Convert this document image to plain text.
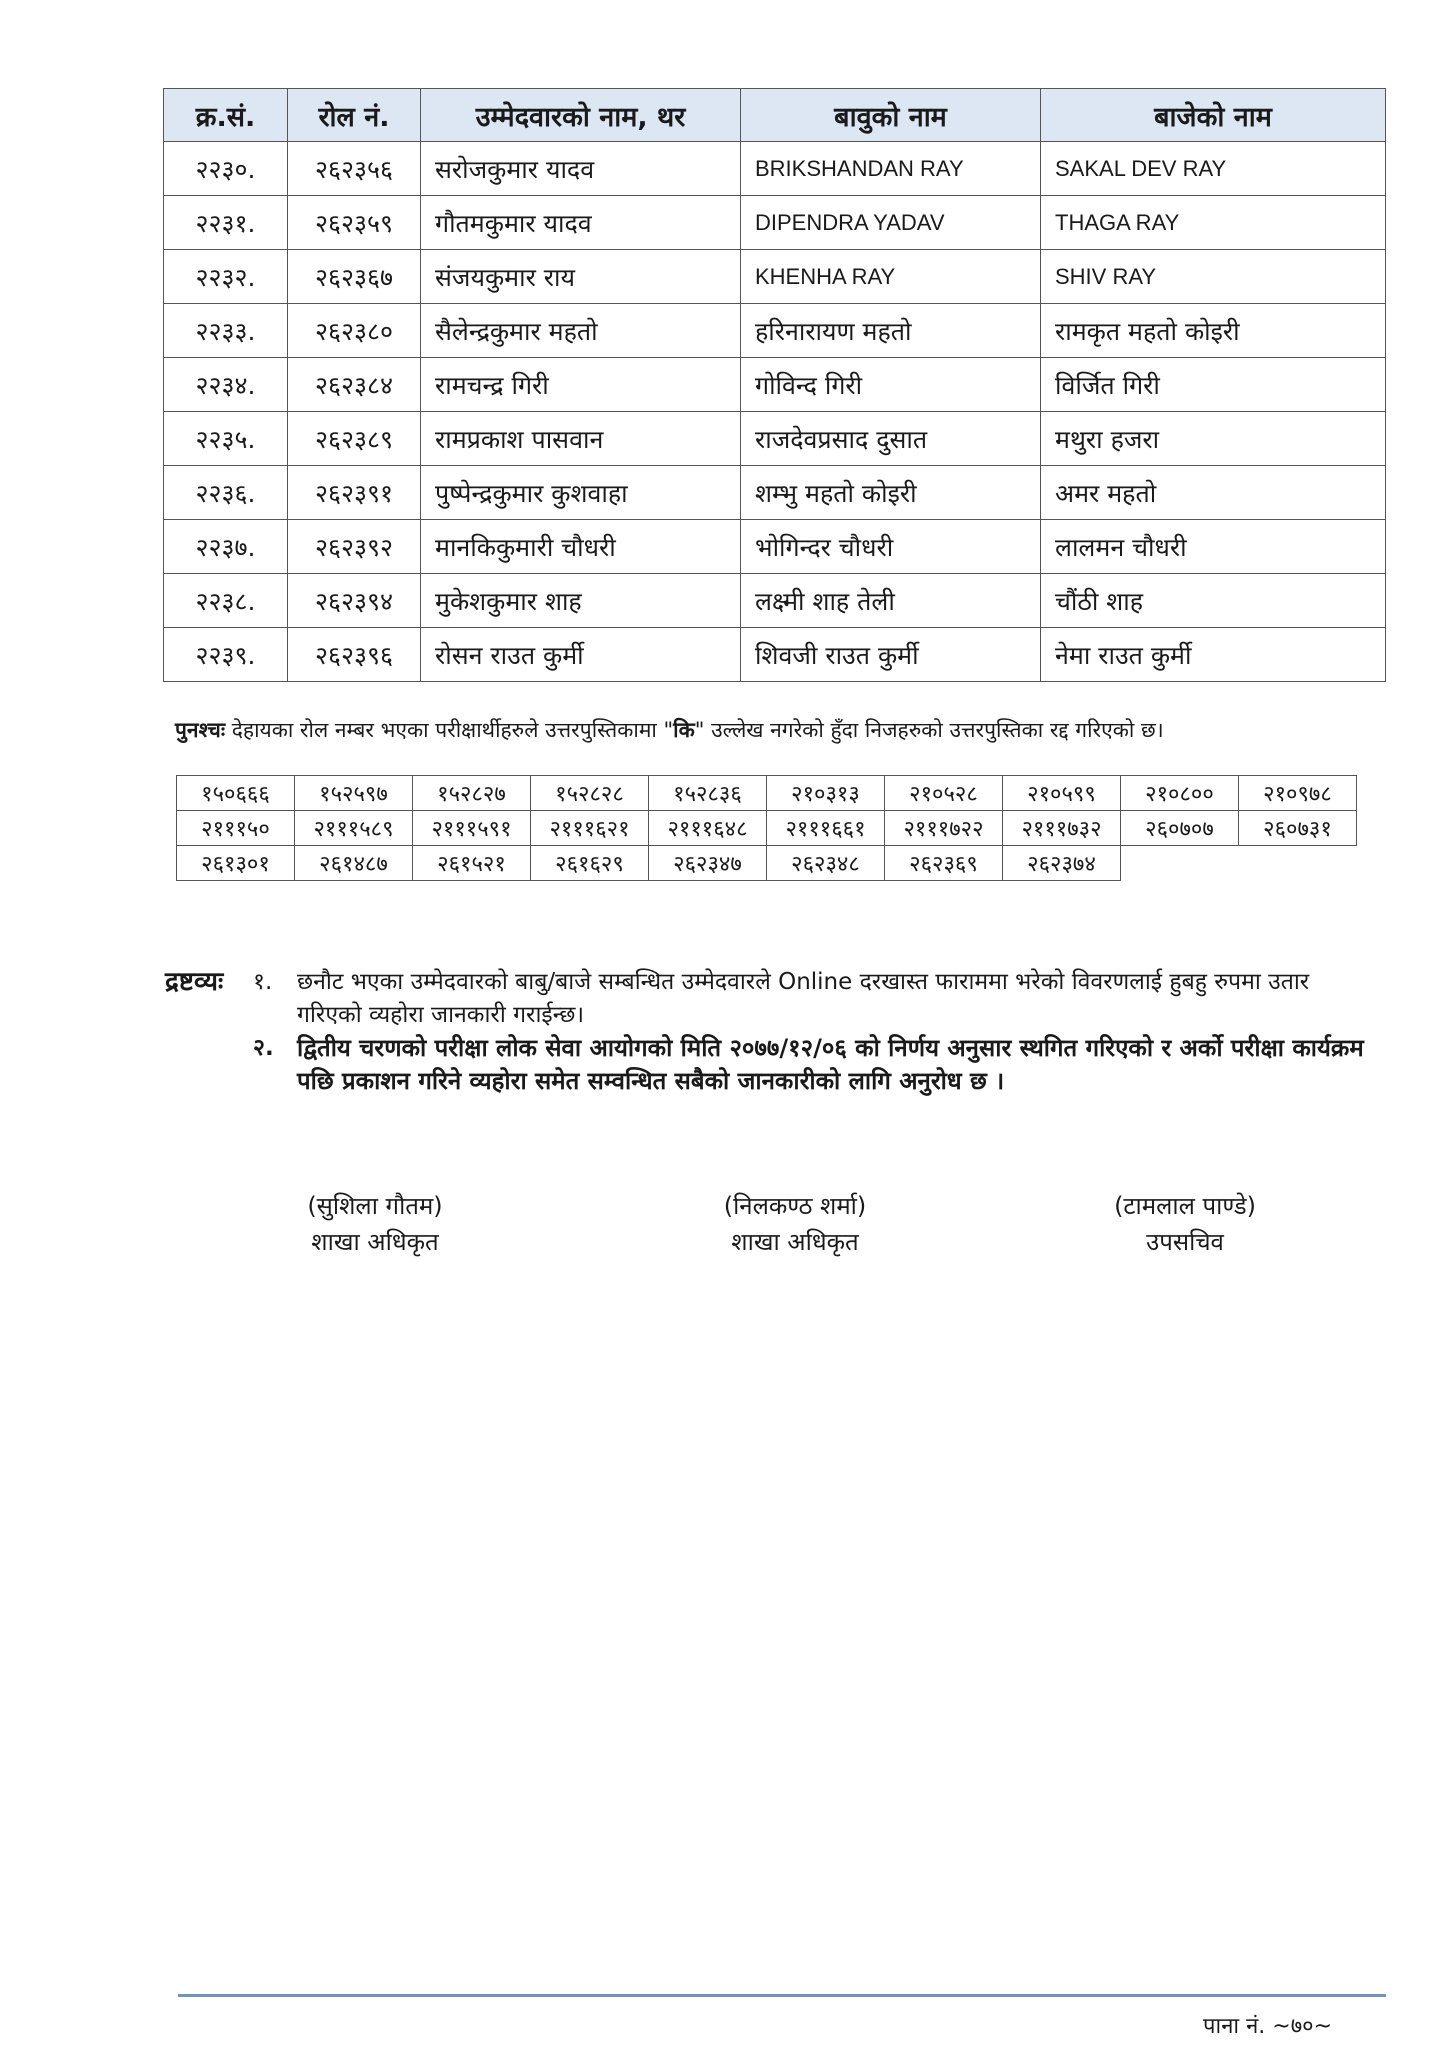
क्र.सं.	रोल नं.	उम्मेदवारको नाम, थर	बावुको नाम	बाजेको नाम
२२३०.	२६२३५६	सरोजकुमार यादव	BRIKSHANDAN RAY	SAKAL DEV RAY
२२३१.	२६२३५९	गौतमकुमार यादव	DIPENDRA YADAV	THAGA RAY
२२३२.	२६२३६७	संजयकुमार राय	KHENHA RAY	SHIV RAY
२२३३.	२६२३८०	सैलेन्द्रकुमार महतो	हरिनारायण महतो	रामकृत महतो कोइरी
२२३४.	२६२३८४	रामचन्द्र गिरी	गोविन्द गिरी	विर्जित गिरी
२२३५.	२६२३८९	रामप्रकाश पासवान	राजदेवप्रसाद दुसात	मथुरा हजरा
२२३६.	२६२३९१	पुष्पेन्द्रकुमार कुशवाहा	शम्भु महतो कोइरी	अमर महतो
२२३७.	२६२३९२	मानकिकुमारी चौधरी	भोगिन्दर चौधरी	लालमन चौधरी
२२३८.	२६२३९४	मुकेशकुमार शाह	लक्ष्मी शाह तेली	चौंठी शाह
२२३९.	२६२३९६	रोसन राउत कुर्मी	शिवजी राउत कुर्मी	नेमा राउत कुर्मी
पुनश्चः देहायका रोल नम्बर भएका परीक्षार्थीहरुले उत्तरपुस्तिकामा "कि" उल्लेख नगरेको हुँदा निजहरुको उत्तरपुस्तिका रद्द गरिएको छ।
१५०६६६	१५२५९७	१५२८२७	१५२८२८	१५२८३६	२१०३१३	२१०५२८	२१०५९९	२१०८००	२१०९७८
२१११५०	२१११५८९	२१११५९१	२१११६२१	२१११६४८	२१११६६१	२१११७२२	२१११७३२	२६०७०७	२६०७३१
२६१३०१	२६१४८७	२६१५२१	२६१६२९	२६२३४७	२६२३४८	२६२३६९	२६२३७४		
द्रष्टव्यः १. छनौट भएका उम्मेदवारको बाबु/बाजे सम्बन्धित उम्मेदवारले Online दरखास्त फाराममा भरेको विवरणलाई हुबहु रुपमा उतार गरिएको व्यहोरा जानकारी गराईन्छ।
२. द्वितीय चरणको परीक्षा लोक सेवा आयोगको मिति २०७७/१२/०६ को निर्णय अनुसार स्थगित गरिएको र अर्को परीक्षा कार्यक्रम पछि प्रकाशन गरिने व्यहोरा समेत सम्वन्धित सबैको जानकारीको लागि अनुरोध छ ।
(सुशिला गौतम)
शाखा अधिकृत
(निलकण्ठ शर्मा)
शाखा अधिकृत
(टामलाल पाण्डे)
उपसचिव
पाना नं. ~७०~
